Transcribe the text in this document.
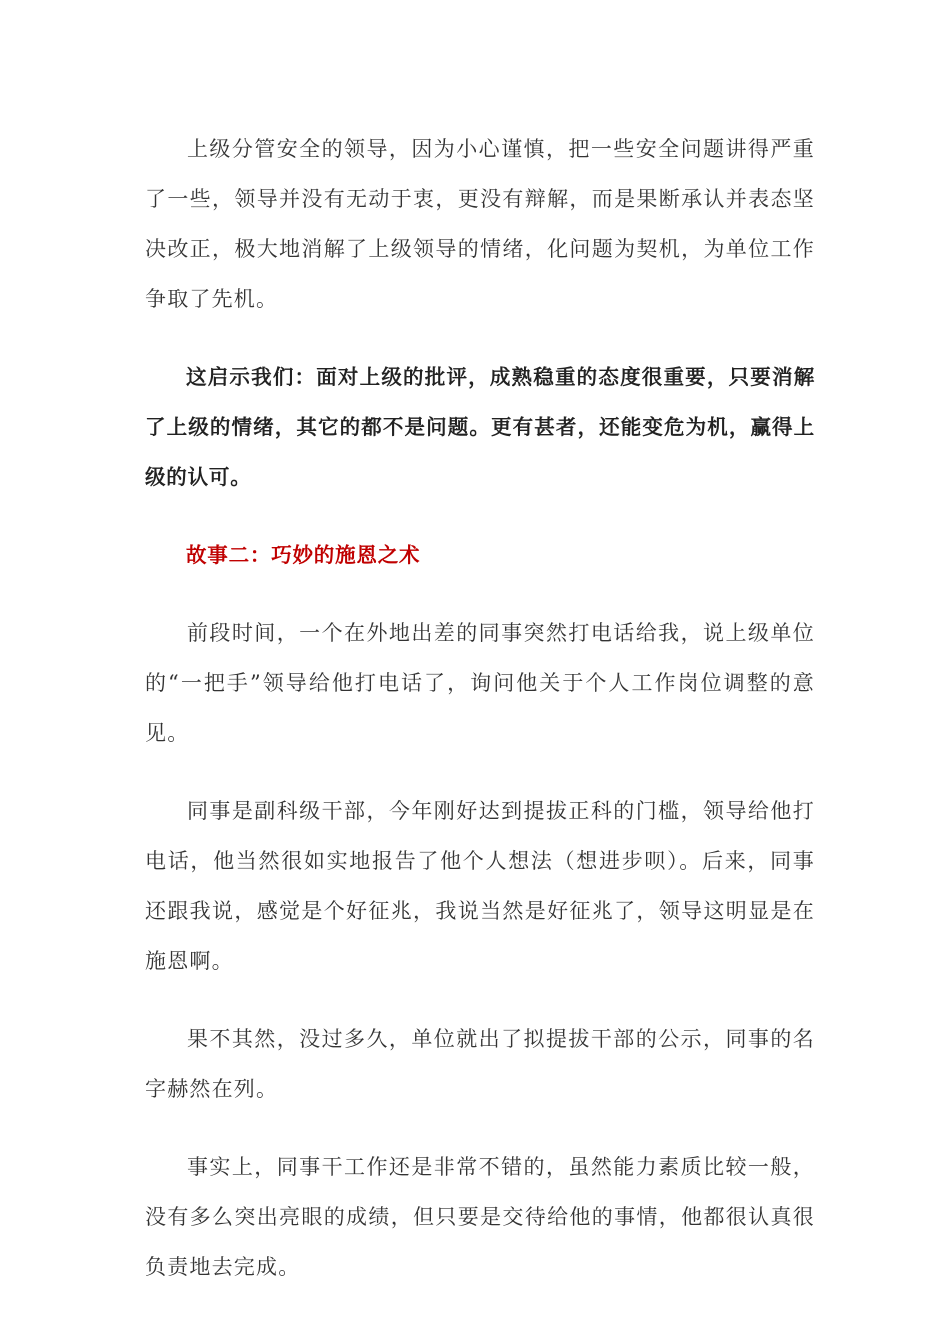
上级分管安全的领导，因为小心谨慎，把一些安全问题讲得严重了一些，领导并没有无动于衷，更没有辩解，而是果断承认并表态坚决改正，极大地消解了上级领导的情绪，化问题为契机，为单位工作争取了先机。

这启示我们：面对上级的批评，成熟稳重的态度很重要，只要消解了上级的情绪，其它的都不是问题。更有甚者，还能变危为机，赢得上级的认可。

故事二：巧妙的施恩之术

前段时间，一个在外地出差的同事突然打电话给我，说上级单位的“一把手”领导给他打电话了，询问他关于个人工作岗位调整的意见。

同事是副科级干部，今年刚好达到提拔正科的门槛，领导给他打电话，他当然很如实地报告了他个人想法（想进步呗）。后来，同事还跟我说，感觉是个好征兆，我说当然是好征兆了，领导这明显是在施恩啊。

果不其然，没过多久，单位就出了拟提拔干部的公示，同事的名字赫然在列。

事实上，同事干工作还是非常不错的，虽然能力素质比较一般，没有多么突出亮眼的成绩，但只要是交待给他的事情，他都很认真很负责地去完成。
